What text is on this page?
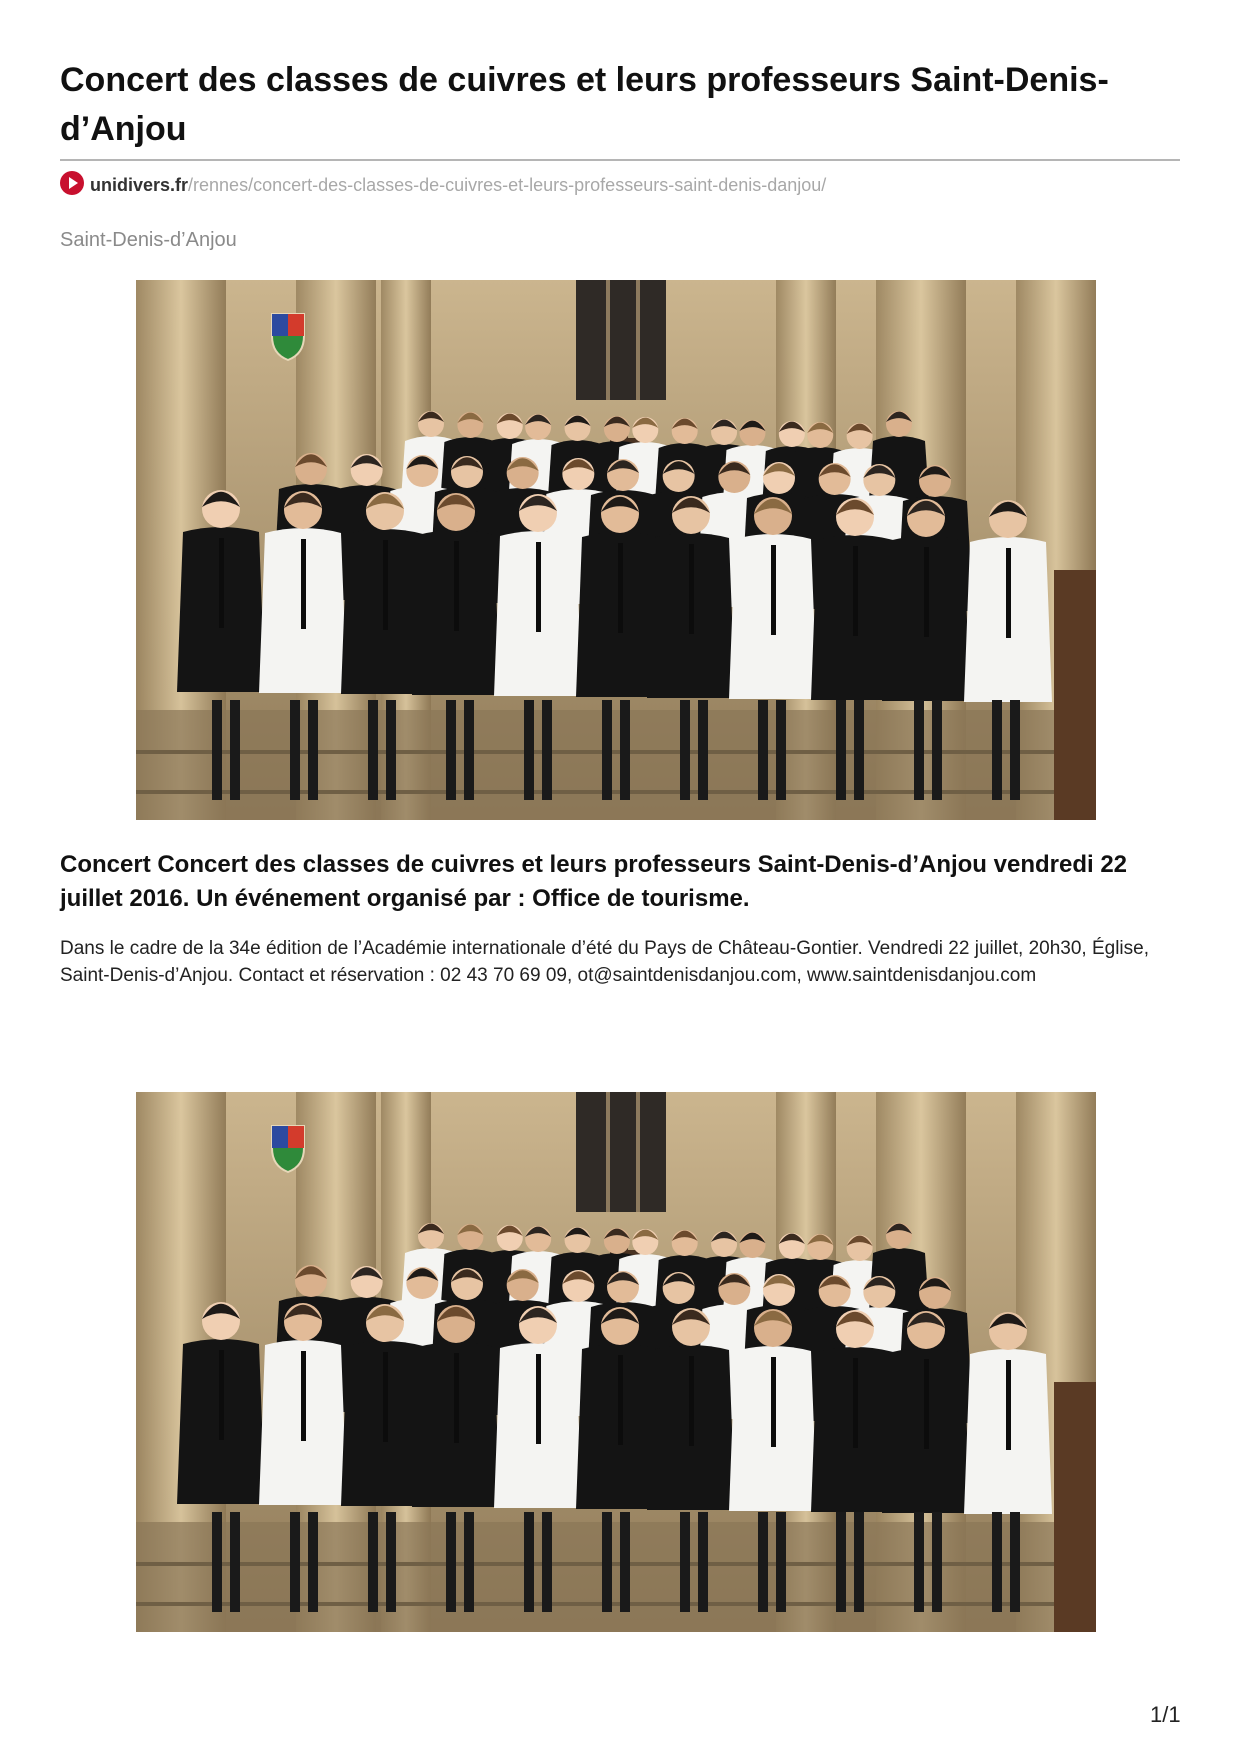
Concert des classes de cuivres et leurs professeurs Saint-Denis-d’Anjou
unidivers.fr /rennes/concert-des-classes-de-cuivres-et-leurs-professeurs-saint-denis-danjou/
Saint-Denis-d’Anjou
Concert Concert des classes de cuivres et leurs professeurs Saint-Denis-d’Anjou vendredi 22 juillet 2016. Un événement organisé par : Office de tourisme.

Dans le cadre de la 34e édition de l’Académie internationale d’été du Pays de Château-Gontier. Vendredi 22 juillet, 20h30, Église, Saint-Denis-d’Anjou. Contact et réservation : 02 43 70 69 09, ot@saintdenisdanjou.com, www.saintdenisdanjou.com

1/1
